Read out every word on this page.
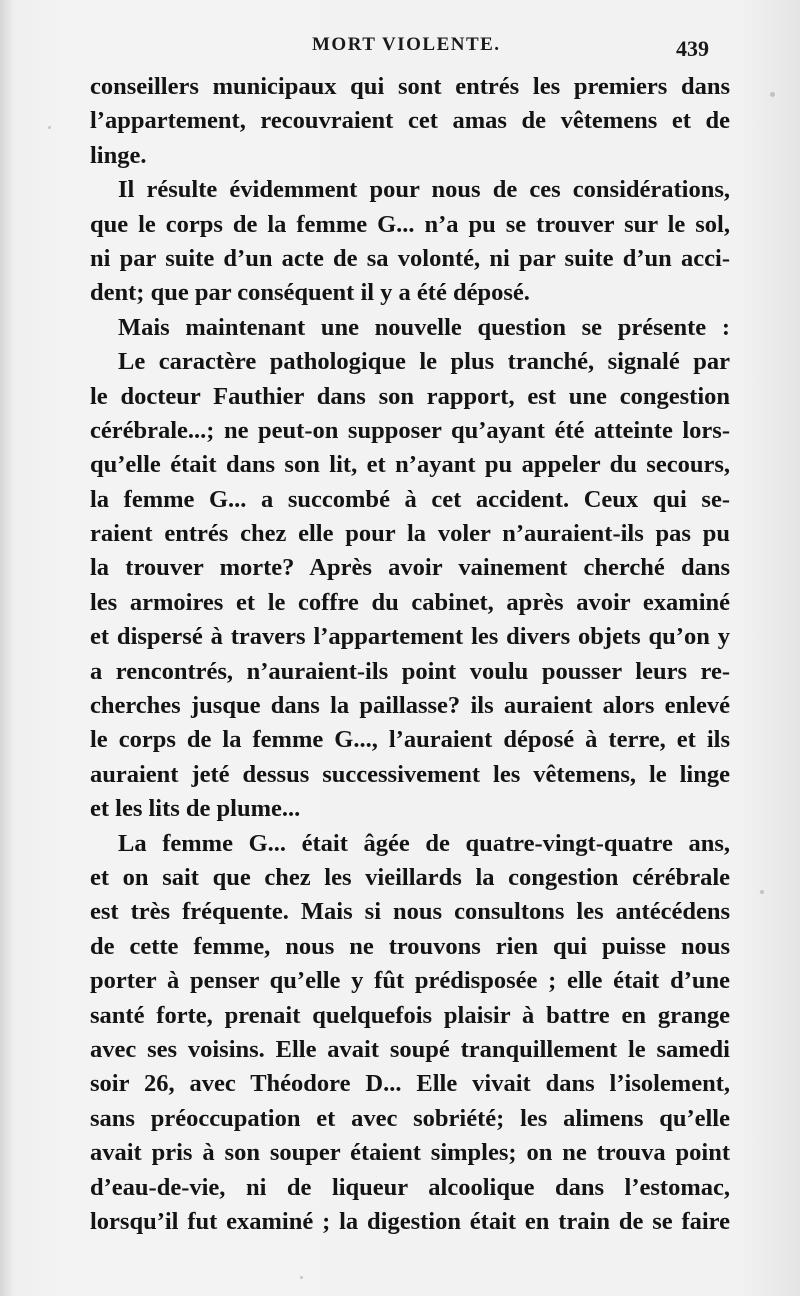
MORT VIOLENTE.	439
conseillers municipaux qui sont entrés les premiers dans
l’appartement, recouvraient cet amas de vêtemens et de
linge.
Il résulte évidemment pour nous de ces considérations,
que le corps de la femme G... n’a pu se trouver sur le sol,
ni par suite d’un acte de sa volonté, ni par suite d’un acci-
dent; que par conséquent il y a été déposé.
Mais maintenant une nouvelle question se présente :
Le caractère pathologique le plus tranché, signalé par
le docteur Fauthier dans son rapport, est une congestion
cérébrale...; ne peut-on supposer qu’ayant été atteinte lors-
qu’elle était dans son lit, et n’ayant pu appeler du secours,
la femme G... a succombé à cet accident. Ceux qui se-
raient entrés chez elle pour la voler n’auraient-ils pas pu
la trouver morte? Après avoir vainement cherché dans
les armoires et le coffre du cabinet, après avoir examiné
et dispersé à travers l’appartement les divers objets qu’on y
a rencontrés, n’auraient-ils point voulu pousser leurs re-
cherches jusque dans la paillasse? ils auraient alors enlevé
le corps de la femme G..., l’auraient déposé à terre, et ils
auraient jeté dessus successivement les vêtemens, le linge
et les lits de plume...
La femme G... était âgée de quatre-vingt-quatre ans,
et on sait que chez les vieillards la congestion cérébrale
est très fréquente. Mais si nous consultons les antécédens
de cette femme, nous ne trouvons rien qui puisse nous
porter à penser qu’elle y fût prédisposée ; elle était d’une
santé forte, prenait quelquefois plaisir à battre en grange
avec ses voisins. Elle avait soupé tranquillement le samedi
soir 26, avec Théodore D... Elle vivait dans l’isolement,
sans préoccupation et avec sobriété; les alimens qu’elle
avait pris à son souper étaient simples; on ne trouva point
d’eau-de-vie, ni de liqueur alcoolique dans l’estomac,
lorsqu’il fut examiné ; la digestion était en train de se faire
